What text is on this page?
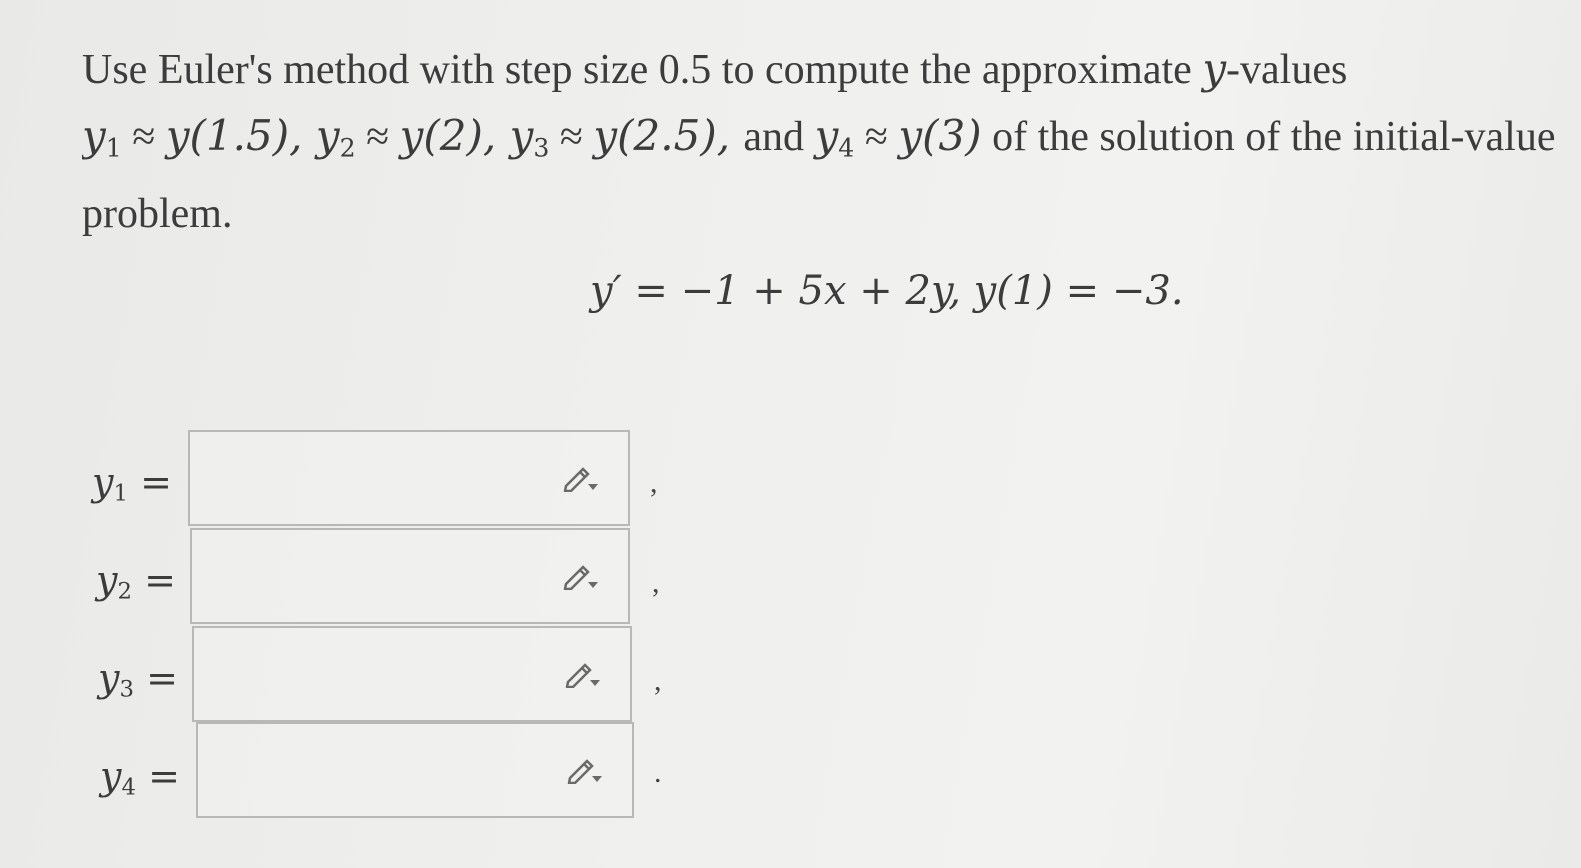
Use Euler's method with step size 0.5 to compute the approximate y-values
$y_1 \approx y(1.5)$, $y_2 \approx y(2)$, $y_3 \approx y(2.5)$, and $y_4 \approx y(3)$ of the solution of the initial-value
problem.
y′ = −1 + 5x + 2y, y(1) = −3.
$y_1$ =	,
$y_2$ =	,
$y_3$ =	,
$y_4$ =	.
